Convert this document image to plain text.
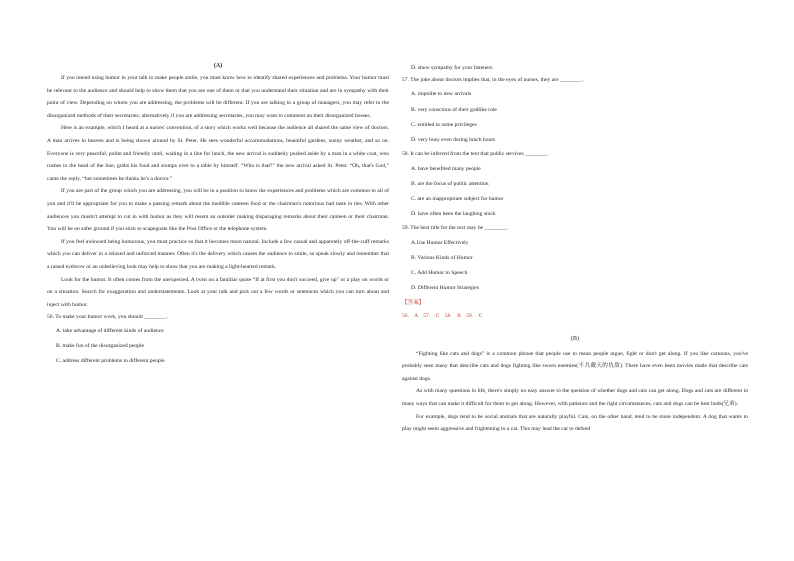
(A)

If you intend using humor in your talk to make people smile, you must know how to identify shared experiences and problems. Your humor must be relevant to the audience and should help to show them that you are one of them or that you understand their situation and are in sympathy with their point of view. Depending on whom you are addressing, the problems will be different. If you are talking to a group of managers, you may refer to the disorganized methods of their secretaries; alternatively if you are addressing secretaries, you may want to comment on their disorganized bosses.

Here is an example, which I heard at a nurses' convention, of a story which works well because the audience all shared the same view of doctors. A man arrives in heaven and is being shown around by St. Peter. He sees wonderful accommodations, beautiful gardens, sunny weather, and so on. Everyone is very peaceful, polite and friendly until, waiting in a line for lunch, the new arrival is suddenly pushed aside by a man in a white coat, who rushes to the head of the line, grabs his food and stomps over to a table by himself. “Who is that?” the new arrival asked St. Peter. “Oh, that's God,” came the reply, “but sometimes he thinks he's a doctor.”

If you are part of the group which you are addressing, you will be in a position to know the experiences and problems which are common to all of you and it'll be appropriate for you to make a passing remark about the inedible canteen food or the chairman's notorious bad taste in ties. With other audiences you mustn't attempt to cut in with humor as they will resent an outsider making disparaging remarks about their canteen or their chairman. You will be on safer ground if you stick to scapegoats like the Post Office or the telephone system.

If you feel awkward being humorous, you must practice so that it becomes more natural. Include a few casual and apparently off-the-cuff remarks which you can deliver in a relaxed and unforced manner. Often it's the delivery which causes the audience to smile, so speak slowly and remember that a raised eyebrow or an unbelieving look may help to show that you are making a light-hearted remark.

Look for the humor. It often comes from the unexpected. A twist on a familiar quote “If at first you don't succeed, give up” or a play on words or on a situation. Search for exaggeration and understatements. Look at your talk and pick out a few words or sentences which you can turn about and inject with humor.

56. To make your humor work, you should ________.

A. take advantage of different kinds of audience

B. make fun of the disorganized people

C. address different problems to different people

D. show sympathy for your listeners

57. The joke about doctors implies that, in the eyes of nurses, they are ________.

A. impolite to new arrivals

B. very conscious of their godlike role

C. entitled to some privileges

D. very busy even during lunch hours

58. It can be inferred from the text that public services ________.

A. have benefited many people

B. are the focus of public attention

C. are an inappropriate subject for humor

D. have often been the laughing stock

59. The best title for the text may be ________.

A.Use Humor Effectively

B. Various Kinds of Humor

C. Add Humor to Speech

D. Different Humor Strategies

【答案】

56. A 57. C 58. B 59. C

(B)

“Fighting like cats and dogs” is a common phrase that people use to mean people argue, fight or don't get along. If you like cartoons, you've probably seen many that describe cats and dogs fighting like sworn enemies(不共戴天的仇敌). There have even been movies made that describe cats against dogs.

As with many questions in life, there's simply no easy answer to the question of whether dogs and cats can get along. Dogs and cats are different in many ways that can make it difficult for them to get along. However, with patience and the right circumstances, cats and dogs can be best buds(兄弟).

For example, dogs tend to be social animals that are naturally playful. Cats, on the other hand, tend to be more independent. A dog that wants to play might seem aggressive and frightening to a cat. This may lead the cat to defend
